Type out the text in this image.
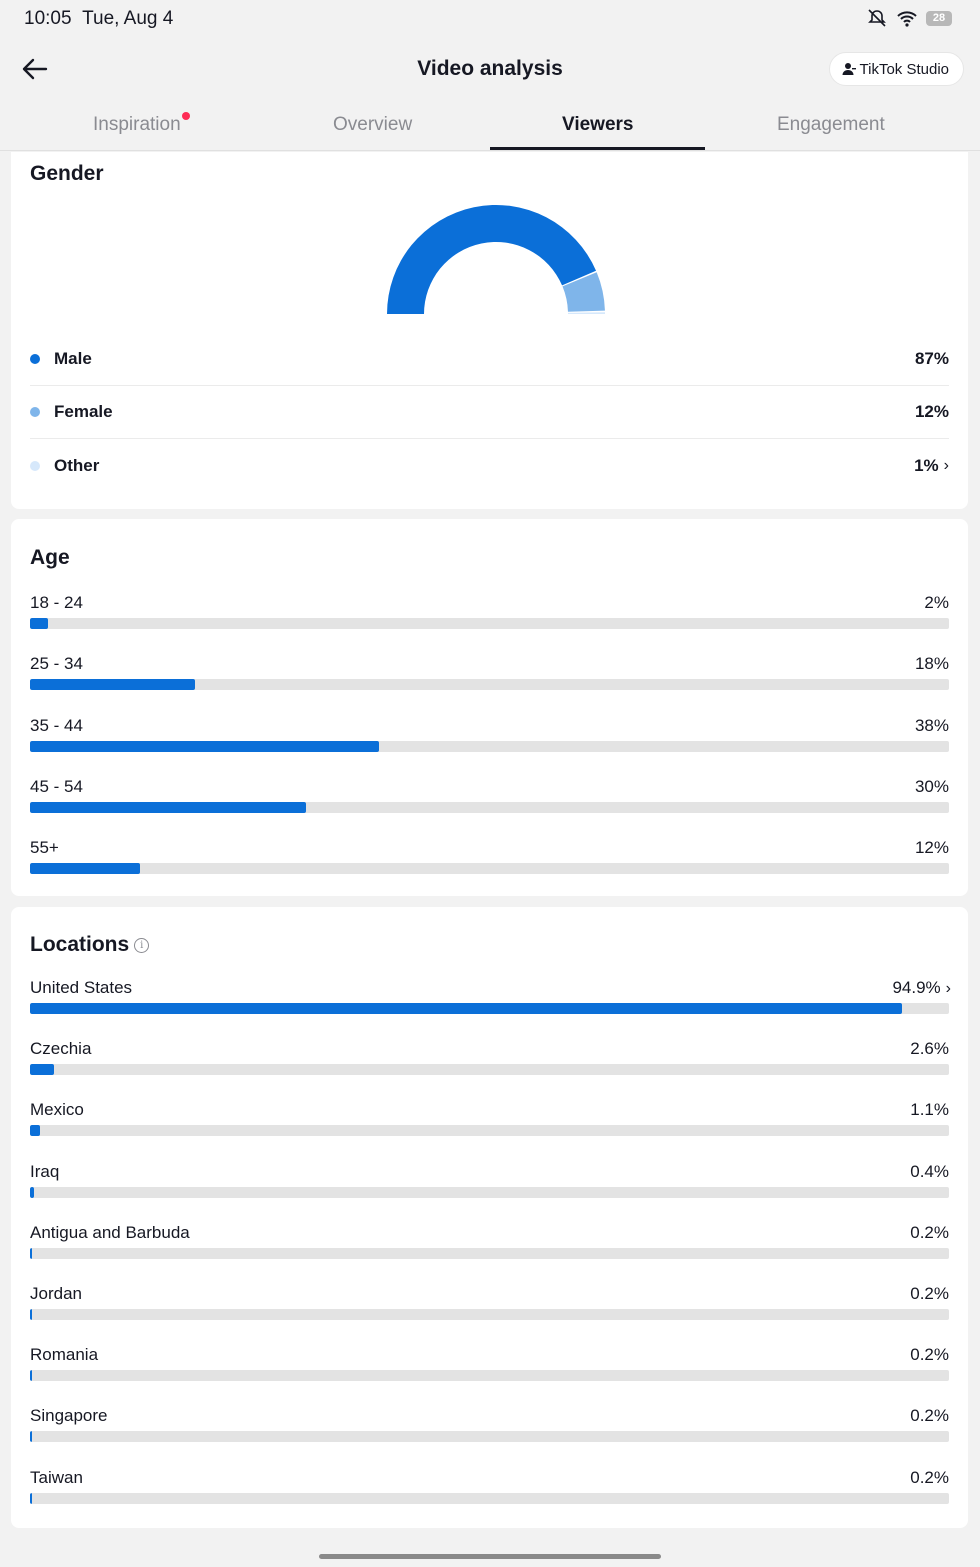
10:05 Tue, Aug 4	28
Video analysis	TikTok Studio
Inspiration	Overview	Viewers	Engagement
Gender
Male	87%
Female	12%
Other	1% ›
Age
18 - 24	2%
25 - 34	18%
35 - 44	38%
45 - 54	30%
55+	12%
Locations	i
United States	94.9% ›
Czechia	2.6%
Mexico	1.1%
Iraq	0.4%
Antigua and Barbuda	0.2%
Jordan	0.2%
Romania	0.2%
Singapore	0.2%
Taiwan	0.2%
